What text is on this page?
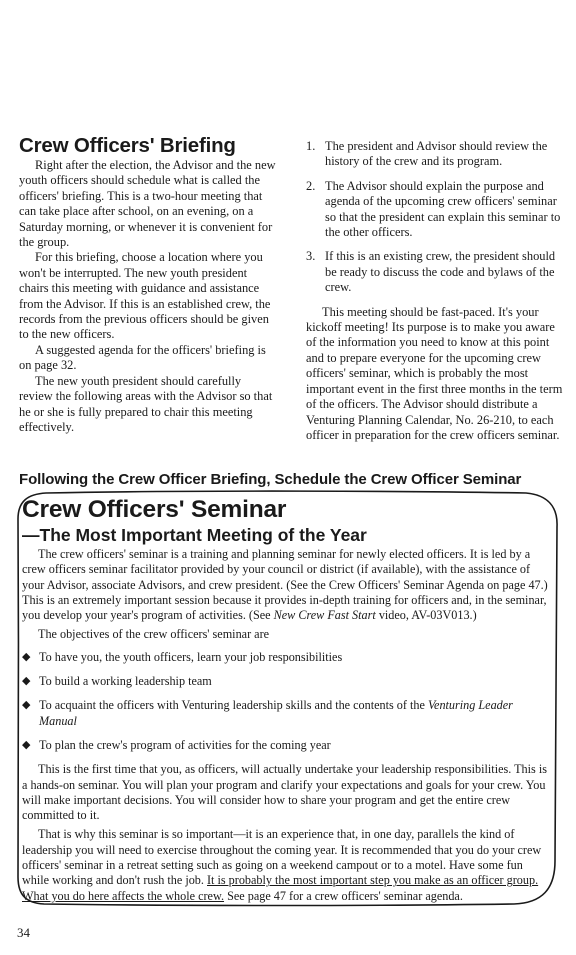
Crew Officers' Briefing

Right after the election, the Advisor and the new youth officers should schedule what is called the officers' briefing. This is a two-hour meeting that can take place after school, on an evening, on a Saturday morning, or whenever it is convenient for the group.

For this briefing, choose a location where you won't be interrupted. The new youth president chairs this meeting with guidance and assistance from the Advisor. If this is an established crew, the records from the previous officers should be given to the new officers.

A suggested agenda for the officers' briefing is on page 32.

The new youth president should carefully review the following areas with the Advisor so that he or she is fully prepared to chair this meeting effectively.

1. The president and Advisor should review the history of the crew and its program.
2. The Advisor should explain the purpose and agenda of the upcoming crew officers' seminar so that the president can explain this seminar to the other officers.
3. If this is an existing crew, the president should be ready to discuss the code and bylaws of the crew.

This meeting should be fast-paced. It's your kickoff meeting! Its purpose is to make you aware of the information you need to know at this point and to prepare everyone for the upcoming crew officers' seminar, which is probably the most important event in the first three months in the term of the officers. The Advisor should distribute a Venturing Planning Calendar, No. 26-210, to each officer in preparation for the crew officers seminar.

Following the Crew Officer Briefing, Schedule the Crew Officer Seminar
Crew Officers' Seminar
—The Most Important Meeting of the Year

The crew officers' seminar is a training and planning seminar for newly elected officers. It is led by a crew officers seminar facilitator provided by your council or district (if available), with the assistance of your Advisor, associate Advisors, and crew president. (See the Crew Officers' Seminar Agenda on page 47.) This is an extremely important session because it provides in-depth training for officers and, in the seminar, you develop your year's program of activities. (See New Crew Fast Start video, AV-03V013.)

The objectives of the crew officers' seminar are

◆ To have you, the youth officers, learn your job responsibilities
◆ To build a working leadership team
◆ To acquaint the officers with Venturing leadership skills and the contents of the Venturing Leader Manual
◆ To plan the crew's program of activities for the coming year

This is the first time that you, as officers, will actually undertake your leadership responsibilities. This is a hands-on seminar. You will plan your program and clarify your expectations and goals for your crew. You will make important decisions. You will consider how to share your program and get the entire crew committed to it.

That is why this seminar is so important—it is an experience that, in one day, parallels the kind of leadership you will need to exercise throughout the coming year. It is recommended that you do your crew officers' seminar in a retreat setting such as going on a weekend campout or to a motel. Have some fun while working and don't rush the job. It is probably the most important step you make as an officer group. What you do here affects the whole crew. See page 47 for a crew officers' seminar agenda.

34
